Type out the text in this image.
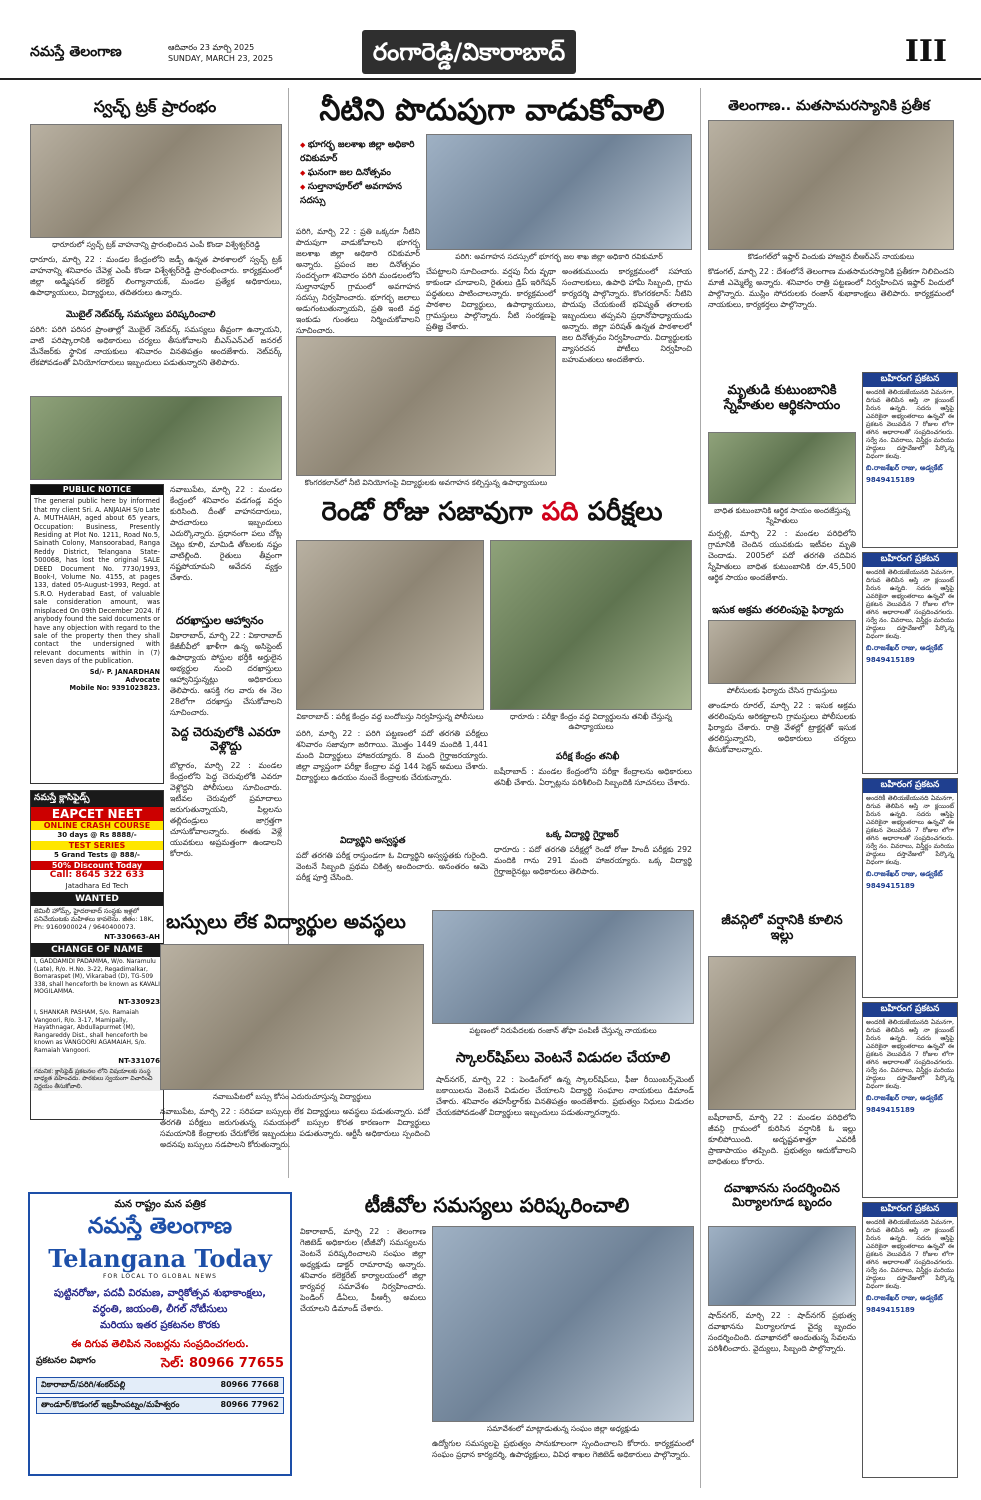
నమస్తే తెలంగాణ	ఆదివారం 23 మార్చి 2025
SUNDAY, MARCH 23, 2025	రంగారెడ్డి/వికారాబాద్	III
స్వచ్ఛ్ ట్రక్ ప్రారంభం
ధారూరులో స్వచ్ఛ్ ట్రక్ వాహనాన్ని ప్రారంభించిన ఎంపీ కొండా విశ్వేశ్వర్‌రెడ్డి
ధారూరు, మార్చి 22 : మండల కేంద్రంలోని జడ్పీ ఉన్నత పాఠశాలలో స్వచ్ఛ్ ట్రక్ వాహనాన్ని శనివారం చేవెళ్ల ఎంపీ కొండా విశ్వేశ్వర్‌రెడ్డి ప్రారంభించారు. కార్యక్రమంలో జిల్లా అడ్మిషనల్ కలెక్టర్ లింగ్యానాయక్, మండల ప్రత్యేక అధికారులు, ఉపాధ్యాయులు, విద్యార్థులు, తదితరులు ఉన్నారు.
మొబైల్ నెట్‌వర్క్ సమస్యలు పరిష్కరించాలి
పరిగి: పరిగి పరిసర ప్రాంతాల్లో మొబైల్ నెట్‌వర్క్ సమస్యలు తీవ్రంగా ఉన్నాయని, వాటి పరిష్కారానికి అధికారులు చర్యలు తీసుకోవాలని బీఎస్ఎన్ఎల్ జనరల్ మేనేజర్‌కు స్థానిక నాయకులు శనివారం వినతిపత్రం అందజేశారు. నెట్‌వర్క్ లేకపోవడంతో వినియోగదారులు ఇబ్బందులు పడుతున్నారని తెలిపారు.
PUBLIC NOTICE
The general public here by informed that my client Sri. A. ANJAIAH S/o Late A. MUTHAIAH, aged about 65 years, Occupation: Business, Presently Residing at Plot No. 1211, Road No.5, Sainath Colony, Mansoorabad, Ranga Reddy District, Telangana State-500068, has lost the original SALE DEED Document No. 7730/1993, Book-I, Volume No. 4155, at pages 133, dated 05-August-1993, Regd. at S.R.O. Hyderabad East, of valuable sale consideration amount, was misplaced On 09th December 2024. If anybody found the said documents or have any objection with regard to the sale of the property then they shall contact the undersigned with relevant documents within in (7) seven days of the publication.
Sd/- P. JANARDHAN
Advocate
Mobile No: 9391023823.
నవాబుపేట, మార్చి 22 : మండల కేంద్రంలో శనివారం వడగండ్ల వర్షం కురిసింది. దీంతో వాహనదారులు, పాదచారులు ఇబ్బందులు ఎదుర్కొన్నారు. ప్రధానంగా పలు చోట్ల చెట్లు కూలి, మామిడి తోటలకు నష్టం వాటిల్లింది. రైతులు తీవ్రంగా నష్టపోయామని ఆవేదన వ్యక్తం చేశారు.
దరఖాస్తుల ఆహ్వానం
వికారాబాద్, మార్చి 22 : వికారాబాద్ కేజీబీవీలో ఖాళీగా ఉన్న అసిస్టెంట్ ఉపాధ్యాయ పోస్టుల భర్తీకి అర్హులైన అభ్యర్థుల నుంచి దరఖాస్తులు ఆహ్వానిస్తున్నట్లు అధికారులు తెలిపారు. ఆసక్తి గల వారు ఈ నెల 28లోగా దరఖాస్తు చేసుకోవాలని సూచించారు.
పెద్ద చెరువులోకి ఎవరూ వెళ్లొద్దు
బొల్లారం, మార్చి 22 : మండల కేంద్రంలోని పెద్ద చెరువులోకి ఎవరూ వెళ్లొద్దని పోలీసులు సూచించారు. ఇటీవల చెరువులో ప్రమాదాలు జరుగుతున్నాయని, పిల్లలను తల్లిదండ్రులు జాగ్రత్తగా చూసుకోవాలన్నారు. ఈతకు వెళ్లే యువకులు అప్రమత్తంగా ఉండాలని కోరారు.
నమస్తే క్లాసిఫైడ్స్
EAPCET NEET
ONLINE CRASH COURSE
30 days @ Rs 8888/-
TEST SERIES
5 Grand Tests @ 888/-
50% Discount Today
Call: 8645 322 633
Jatadhara Ed Tech
WANTED
జెమిలీ హోమ్స్, హైదరాబాద్ సంస్థకు ఇళ్లలో పనిచేయుటకు మహిళలు కావలెను. జీతం: 18K, Ph: 9160900024 / 9640400073.
NT-330663-AH
CHANGE OF NAME
I, GADDAMIDI PADAMMA, W/o. Naramulu (Late), R/o. H.No. 3-22, Regadimalkar, Bomaraspet (M), Vikarabad (D), TG-509 338, shall henceforth be known as KAVALI MOGILAMMA.
NT-330923
I, SHANKAR PASHAM, S/o. Ramaiah Vangoori, R/o. 3-17, Mamipally, Hayathnagar, Abdullapurmet (M), Rangareddy Dist., shall henceforth be known as VANGOORI AGAMAIAH, S/o. Ramaiah Vangoori.
NT-331076
గమనిక: క్లాసిఫైడ్ ప్రకటనల లోని విషయాలకు సంస్థ బాధ్యత వహించదు. పాఠకులు స్వయంగా విచారించి నిర్ణయం తీసుకోవాలి.
నీటిని పొదుపుగా వాడుకోవాలి
◆ భూగర్భ జలశాఖ జిల్లా అధికారి రవికుమార్
◆ ఘనంగా జల దినోత్సవం
◆ సుల్తానాపూర్‌లో అవగాహన సదస్సు
పరిగి: అవగాహన సదస్సులో భూగర్భ జల శాఖ జిల్లా అధికారి రవికుమార్
పరిగి, మార్చి 22 : ప్రతి ఒక్కరూ నీటిని పొదుపుగా వాడుకోవాలని భూగర్భ జలశాఖ జిల్లా అధికారి రవికుమార్ అన్నారు. ప్రపంచ జల దినోత్సవం సందర్భంగా శనివారం పరిగి మండలంలోని సుల్తానాపూర్ గ్రామంలో అవగాహన సదస్సు నిర్వహించారు. భూగర్భ జలాలు అడుగంటుతున్నాయని, ప్రతి ఇంటి వద్ద ఇంకుడు గుంతలు నిర్మించుకోవాలని సూచించారు.
చేపట్టాలని సూచించారు. వర్షపు నీరు వృథా కాకుండా చూడాలని, రైతులు డ్రిప్ ఇరిగేషన్ పద్ధతులు పాటించాలన్నారు. కార్యక్రమంలో పాఠశాల విద్యార్థులు, ఉపాధ్యాయులు, గ్రామస్తులు పాల్గొన్నారు. నీటి సంరక్షణపై ప్రతిజ్ఞ చేశారు.
అంతకుముందు కార్యక్రమంలో సహాయ సంచాలకులు, ఉపాధి హామీ సిబ్బంది, గ్రామ కార్యదర్శి పాల్గొన్నారు. కొంగరకలాన్: నీటిని పొదుపు చేయకుంటే భవిష్యత్ తరాలకు ఇబ్బందులు తప్పవని ప్రధానోపాధ్యాయుడు అన్నారు. జిల్లా పరిషత్ ఉన్నత పాఠశాలలో జల దినోత్సవం నిర్వహించారు. విద్యార్థులకు వ్యాసరచన పోటీలు నిర్వహించి బహుమతులు అందజేశారు.
కొంగరకలాన్‌లో నీటి వినియోగంపై విద్యార్థులకు అవగాహన కల్పిస్తున్న ఉపాధ్యాయులు
రెండో రోజు సజావుగా పది పరీక్షలు
వికారాబాద్ : పరీక్ష కేంద్రం వద్ద బందోబస్తు నిర్వహిస్తున్న పోలీసులు	ధారూరు : పరీక్షా కేంద్రం వద్ద విద్యార్థులను తనిఖీ చేస్తున్న ఉపాధ్యాయులు
పరిగి, మార్చి 22 : పరిగి పట్టణంలో పదో తరగతి పరీక్షలు శనివారం సజావుగా జరిగాయి. మొత్తం 1449 మందికి 1,441 మంది విద్యార్థులు హాజరయ్యారు. 8 మంది గైర్హాజరయ్యారు. జిల్లా వ్యాప్తంగా పరీక్షా కేంద్రాల వద్ద 144 సెక్షన్ అమలు చేశారు. విద్యార్థులు ఉదయం నుంచే కేంద్రాలకు చేరుకున్నారు.
విద్యార్థిని అస్వస్థత
పదో తరగతి పరీక్ష రాస్తుండగా ఓ విద్యార్థిని అస్వస్థతకు గురైంది. వెంటనే సిబ్బంది ప్రథమ చికిత్స అందించారు. అనంతరం ఆమె పరీక్ష పూర్తి చేసింది.
పరీక్ష కేంద్రం తనిఖీ
బషీరాబాద్ : మండల కేంద్రంలోని పరీక్షా కేంద్రాలను అధికారులు తనిఖీ చేశారు. ఏర్పాట్లను పరిశీలించి సిబ్బందికి సూచనలు చేశారు.
ఒక్క విద్యార్థి గైర్హాజర్
ధారూరు : పదో తరగతి పరీక్షల్లో రెండో రోజు హిందీ పరీక్షకు 292 మందికి గాను 291 మంది హాజరయ్యారు. ఒక్క విద్యార్థి గైర్హాజరైనట్లు అధికారులు తెలిపారు.
బస్సులు లేక విద్యార్థుల అవస్థలు
నవాబుపేటలో బస్సు కోసం ఎదురుచూస్తున్న విద్యార్థులు
నవాబుపేట, మార్చి 22 : సరిపడా బస్సులు లేక విద్యార్థులు అవస్థలు పడుతున్నారు. పదో తరగతి పరీక్షలు జరుగుతున్న సమయంలో బస్సుల కొరత కారణంగా విద్యార్థులు సమయానికి కేంద్రాలకు చేరుకోలేక ఇబ్బందులు పడుతున్నారు. ఆర్టీసీ అధికారులు స్పందించి అదనపు బస్సులు నడపాలని కోరుతున్నారు.
పట్టణంలో నిరుపేదలకు రంజాన్ తోఫా పంపిణీ చేస్తున్న నాయకులు
స్కాలర్‌షిప్‌లు వెంటనే విడుదల చేయాలి
షాద్‌నగర్, మార్చి 22 : పెండింగ్‌లో ఉన్న స్కాలర్‌షిప్‌లు, ఫీజు రీయింబర్స్‌మెంట్ బకాయిలను వెంటనే విడుదల చేయాలని విద్యార్థి సంఘాల నాయకులు డిమాండ్ చేశారు. శనివారం తహసీల్దార్‌కు వినతిపత్రం అందజేశారు. ప్రభుత్వం నిధులు విడుదల చేయకపోవడంతో విద్యార్థులు ఇబ్బందులు పడుతున్నారన్నారు.
మన రాష్ట్రం మన పత్రిక
నమస్తే తెలంగాణ
Telangana Today
FOR LOCAL TO GLOBAL NEWS
పుట్టినరోజు, పదవీ విరమణ, వార్షికోత్సవ శుభాకాంక్షలు,
వర్ధంతి, జయంతి, లీగల్ నోటీసులు
మరియు ఇతర ప్రకటనల కొరకు
ఈ దిగువ తెలిపిన నెంబర్లను సంప్రదించగలరు.
ప్రకటనల విభాగం	సెల్: 80966 77655
వికారాబాద్/పరిగి/శంకర్‌పల్లి	80966 77668
తాండూర్/కొడంగల్ ఇబ్రహీంపట్నం/మహేశ్వరం	80966 77962
టీజీవోల సమస్యలు పరిష్కరించాలి
వికారాబాద్, మార్చి 22 : తెలంగాణ గెజిటెడ్ అధికారుల (టీజీవో) సమస్యలను వెంటనే పరిష్కరించాలని సంఘం జిల్లా అధ్యక్షుడు డాక్టర్ రామారావు అన్నారు. శనివారం కలెక్టరేట్ కార్యాలయంలో జిల్లా కార్యవర్గ సమావేశం నిర్వహించారు. పెండింగ్ డీఏలు, పీఆర్సీ అమలు చేయాలని డిమాండ్ చేశారు.
సమావేశంలో మాట్లాడుతున్న సంఘం జిల్లా అధ్యక్షుడు
ఉద్యోగుల సమస్యలపై ప్రభుత్వం సానుకూలంగా స్పందించాలని కోరారు. కార్యక్రమంలో సంఘం ప్రధాన కార్యదర్శి, ఉపాధ్యక్షులు, వివిధ శాఖల గెజిటెడ్ అధికారులు పాల్గొన్నారు.
తెలంగాణ.. మతసామరస్యానికి ప్రతీక
కొడంగల్‌లో ఇఫ్తార్ విందుకు హాజరైన బీఆర్ఎస్ నాయకులు
కొడంగల్, మార్చి 22 : దేశంలోనే తెలంగాణ మతసామరస్యానికి ప్రతీకగా నిలిచిందని మాజీ ఎమ్మెల్యే అన్నారు. శనివారం రాత్రి పట్టణంలో నిర్వహించిన ఇఫ్తార్ విందులో పాల్గొన్నారు. ముస్లిం సోదరులకు రంజాన్ శుభాకాంక్షలు తెలిపారు. కార్యక్రమంలో నాయకులు, కార్యకర్తలు పాల్గొన్నారు.
మృతుడి కుటుంబానికి స్నేహితుల ఆర్థికసాయం
బాధిత కుటుంబానికి ఆర్థిక సాయం అందజేస్తున్న స్నేహితులు
మర్పల్లి, మార్చి 22 : మండల పరిధిలోని గ్రామానికి చెందిన యువకుడు ఇటీవల మృతి చెందాడు. 2005లో పదో తరగతి చదివిన స్నేహితులు బాధిత కుటుంబానికి రూ.45,500 ఆర్థిక సాయం అందజేశారు.
ఇసుక అక్రమ తరలింపుపై ఫిర్యాదు
పోలీసులకు ఫిర్యాదు చేసిన గ్రామస్తులు
తాండూరు రూరల్, మార్చి 22 : ఇసుక అక్రమ తరలింపును అరికట్టాలని గ్రామస్తులు పోలీసులకు ఫిర్యాదు చేశారు. రాత్రి వేళల్లో ట్రాక్టర్లతో ఇసుక తరలిస్తున్నారని, అధికారులు చర్యలు తీసుకోవాలన్నారు.
జీవన్గిలో వర్షానికి కూలిన ఇల్లు
బషీరాబాద్, మార్చి 22 : మండల పరిధిలోని జీవన్గి గ్రామంలో కురిసిన వర్షానికి ఓ ఇల్లు కూలిపోయింది. అదృష్టవశాత్తూ ఎవరికీ ప్రాణాపాయం తప్పింది. ప్రభుత్వం ఆదుకోవాలని బాధితులు కోరారు.
దవాఖానను సందర్శించిన మిర్యాలగూడ బృందం
షాద్‌నగర్, మార్చి 22 : షాద్‌నగర్ ప్రభుత్వ దవాఖానను మిర్యాలగూడ వైద్య బృందం సందర్శించింది. దవాఖానలో అందుతున్న సేవలను పరిశీలించారు. వైద్యులు, సిబ్బంది పాల్గొన్నారు.
బహిరంగ ప్రకటన
అందరికీ తెలియజేయునది ఏమనగా, దిగువ తెలిపిన ఆస్తి నా క్లయింట్ పేరున ఉన్నది. సదరు ఆస్తిపై ఎవరికైనా అభ్యంతరాలు ఉన్నచో ఈ ప్రకటన వెలువడిన 7 రోజుల లోగా తగిన ఆధారాలతో సంప్రదించగలరు. సర్వే నం. వివరాలు, విస్తీర్ణం మరియు హద్దులు దస్తావేజులో పేర్కొన్న విధంగా కలవు.
బి.రాజశేఖర్ రాజు, అడ్వకేట్
9849415189
బహిరంగ ప్రకటన
అందరికీ తెలియజేయునది ఏమనగా, దిగువ తెలిపిన ఆస్తి నా క్లయింట్ పేరున ఉన్నది. సదరు ఆస్తిపై ఎవరికైనా అభ్యంతరాలు ఉన్నచో ఈ ప్రకటన వెలువడిన 7 రోజుల లోగా తగిన ఆధారాలతో సంప్రదించగలరు. సర్వే నం. వివరాలు, విస్తీర్ణం మరియు హద్దులు దస్తావేజులో పేర్కొన్న విధంగా కలవు.
బి.రాజశేఖర్ రాజు, అడ్వకేట్
9849415189
బహిరంగ ప్రకటన
అందరికీ తెలియజేయునది ఏమనగా, దిగువ తెలిపిన ఆస్తి నా క్లయింట్ పేరున ఉన్నది. సదరు ఆస్తిపై ఎవరికైనా అభ్యంతరాలు ఉన్నచో ఈ ప్రకటన వెలువడిన 7 రోజుల లోగా తగిన ఆధారాలతో సంప్రదించగలరు. సర్వే నం. వివరాలు, విస్తీర్ణం మరియు హద్దులు దస్తావేజులో పేర్కొన్న విధంగా కలవు.
బి.రాజశేఖర్ రాజు, అడ్వకేట్
9849415189
బహిరంగ ప్రకటన
అందరికీ తెలియజేయునది ఏమనగా, దిగువ తెలిపిన ఆస్తి నా క్లయింట్ పేరున ఉన్నది. సదరు ఆస్తిపై ఎవరికైనా అభ్యంతరాలు ఉన్నచో ఈ ప్రకటన వెలువడిన 7 రోజుల లోగా తగిన ఆధారాలతో సంప్రదించగలరు. సర్వే నం. వివరాలు, విస్తీర్ణం మరియు హద్దులు దస్తావేజులో పేర్కొన్న విధంగా కలవు.
బి.రాజశేఖర్ రాజు, అడ్వకేట్
9849415189
బహిరంగ ప్రకటన
అందరికీ తెలియజేయునది ఏమనగా, దిగువ తెలిపిన ఆస్తి నా క్లయింట్ పేరున ఉన్నది. సదరు ఆస్తిపై ఎవరికైనా అభ్యంతరాలు ఉన్నచో ఈ ప్రకటన వెలువడిన 7 రోజుల లోగా తగిన ఆధారాలతో సంప్రదించగలరు. సర్వే నం. వివరాలు, విస్తీర్ణం మరియు హద్దులు దస్తావేజులో పేర్కొన్న విధంగా కలవు.
బి.రాజశేఖర్ రాజు, అడ్వకేట్
9849415189
